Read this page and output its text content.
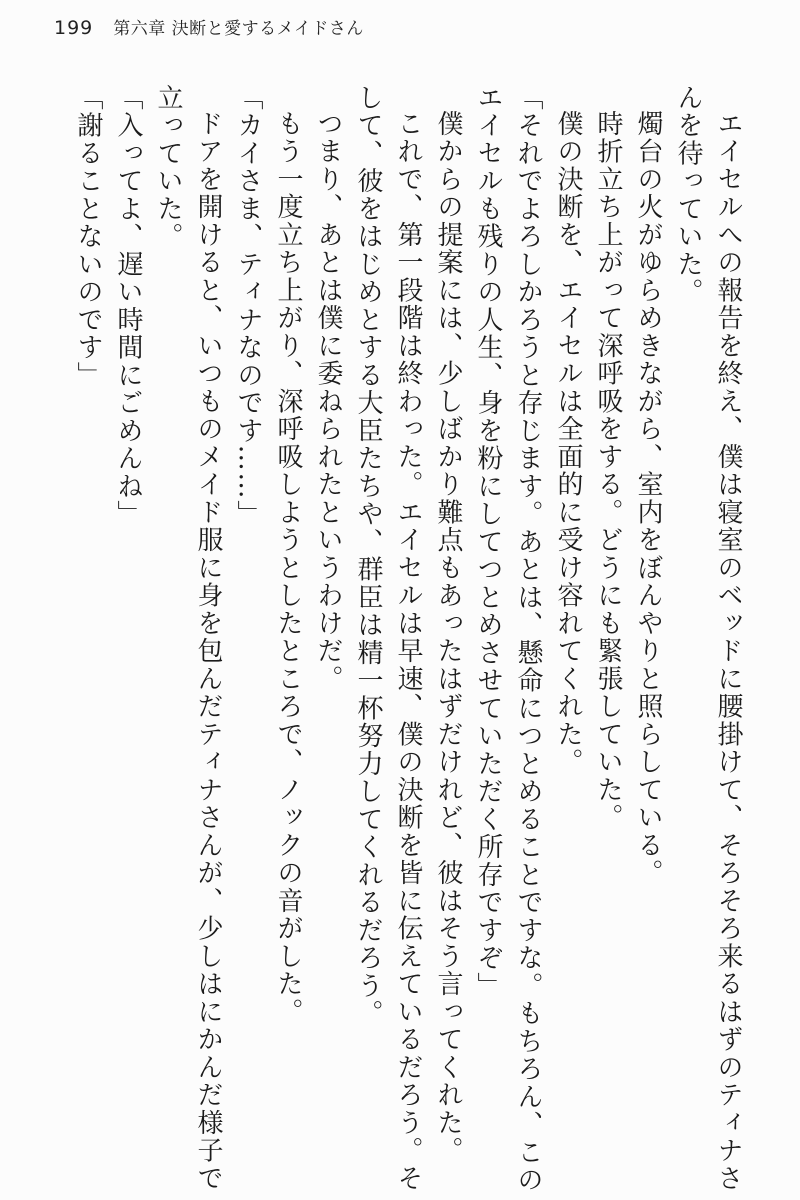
199 第六章 決断と愛するメイドさん

エイセルへの報告を終え、僕は寝室のベッドに腰掛けて、そろそろ来るはずのティナさんを待っていた。

燭台の火がゆらめきながら、室内をぼんやりと照らしている。

時折立ち上がって深呼吸をする。どうにも緊張していた。

僕の決断を、エイセルは全面的に受け容れてくれた。

「それでよろしかろうと存じます。あとは、懸命につとめることですな。もちろん、このエイセルも残りの人生、身を粉にしてつとめさせていただく所存ですぞ」

僕からの提案には、少しばかり難点もあったはずだけれど、彼はそう言ってくれた。

これで、第一段階は終わった。エイセルは早速、僕の決断を皆に伝えているだろう。そして、彼をはじめとする大臣たちや、群臣は精一杯努力してくれるだろう。

つまり、あとは僕に委ねられたというわけだ。

もう一度立ち上がり、深呼吸しようとしたところで、ノックの音がした。

「カイさま、ティナなのです……」

ドアを開けると、いつものメイド服に身を包んだティナさんが、少しはにかんだ様子で立っていた。

「入ってよ、遅い時間にごめんね」

「謝ることないのです」
